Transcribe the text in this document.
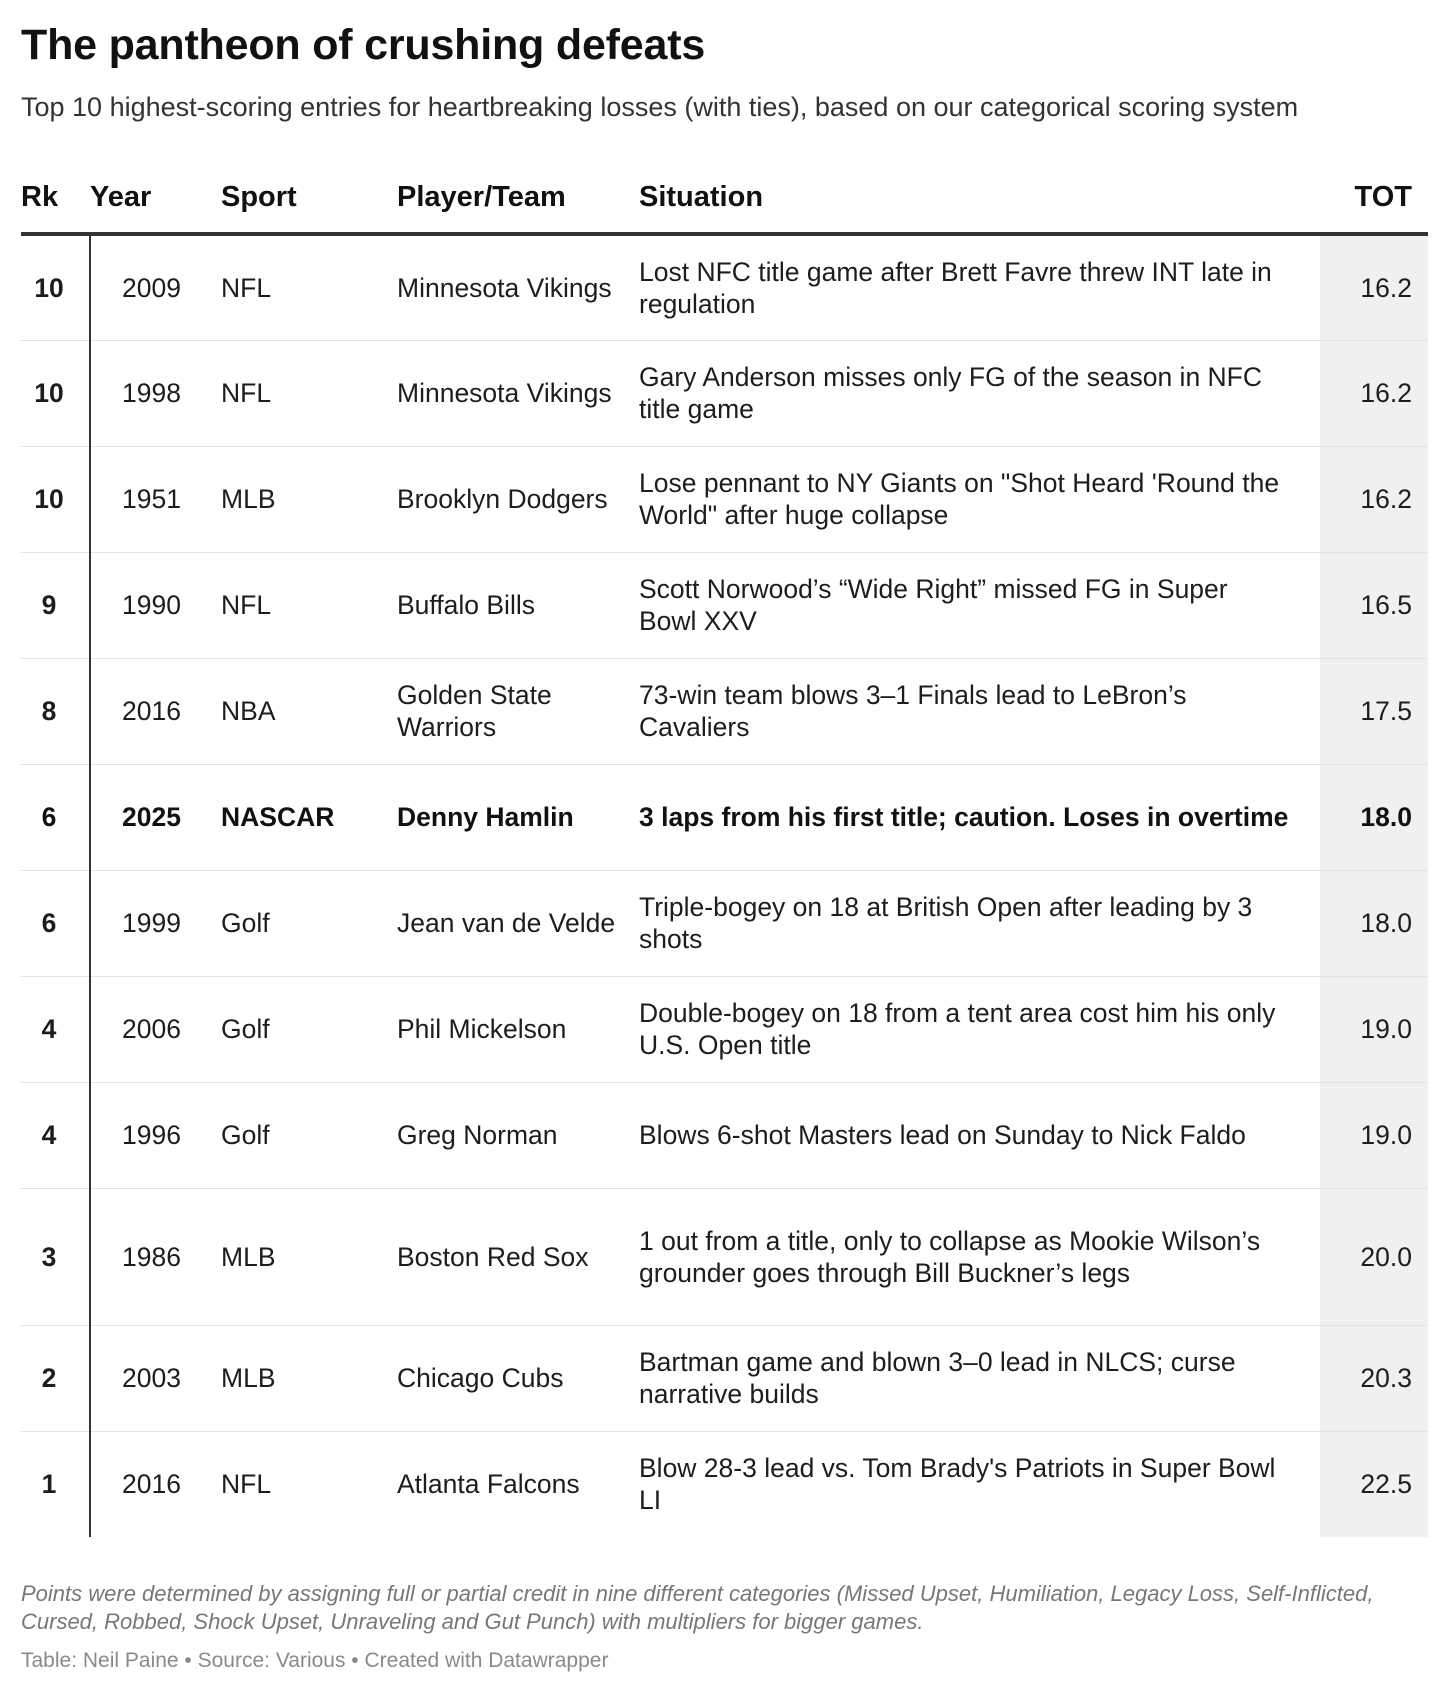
The pantheon of crushing defeats

Top 10 highest-scoring entries for heartbreaking losses (with ties), based on our categorical scoring system

Rk	Year	Sport	Player/Team	Situation	TOT
10	2009	NFL	Minnesota Vikings	Lost NFC title game after Brett Favre threw INT late in regulation	16.2
10	1998	NFL	Minnesota Vikings	Gary Anderson misses only FG of the season in NFC title game	16.2
10	1951	MLB	Brooklyn Dodgers	Lose pennant to NY Giants on "Shot Heard 'Round the World" after huge collapse	16.2
9	1990	NFL	Buffalo Bills	Scott Norwood’s “Wide Right” missed FG in Super Bowl XXV	16.5
8	2016	NBA	Golden State Warriors	73-win team blows 3–1 Finals lead to LeBron’s Cavaliers	17.5
6	2025	NASCAR	Denny Hamlin	3 laps from his first title; caution. Loses in overtime	18.0
6	1999	Golf	Jean van de Velde	Triple-bogey on 18 at British Open after leading by 3 shots	18.0
4	2006	Golf	Phil Mickelson	Double-bogey on 18 from a tent area cost him his only U.S. Open title	19.0
4	1996	Golf	Greg Norman	Blows 6-shot Masters lead on Sunday to Nick Faldo	19.0
3	1986	MLB	Boston Red Sox	1 out from a title, only to collapse as Mookie Wilson’s grounder goes through Bill Buckner’s legs	20.0
2	2003	MLB	Chicago Cubs	Bartman game and blown 3–0 lead in NLCS; curse narrative builds	20.3
1	2016	NFL	Atlanta Falcons	Blow 28-3 lead vs. Tom Brady's Patriots in Super Bowl LI	22.5

Points were determined by assigning full or partial credit in nine different categories (Missed Upset, Humiliation, Legacy Loss, Self-Inflicted, Cursed, Robbed, Shock Upset, Unraveling and Gut Punch) with multipliers for bigger games.

Table: Neil Paine • Source: Various • Created with Datawrapper
